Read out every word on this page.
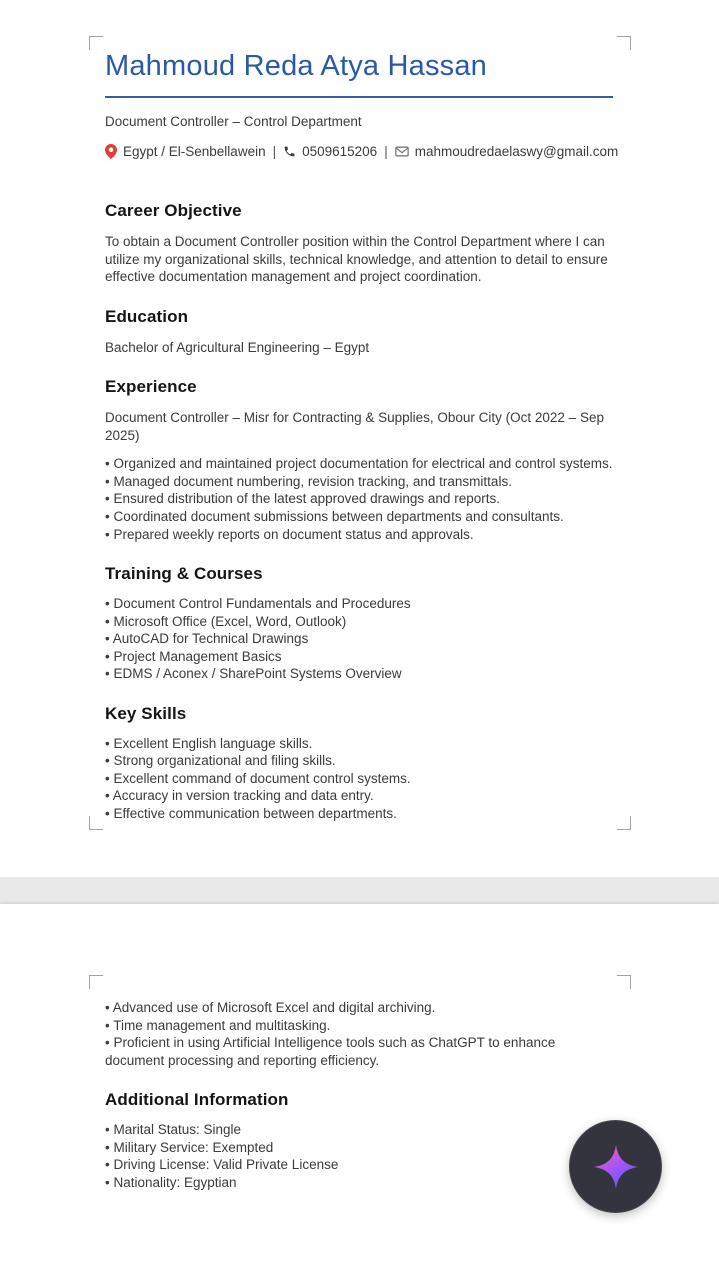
Mahmoud Reda Atya Hassan

Document Controller – Control Department

Egypt / El-Senbellawein | 0509615206 | mahmoudredaelaswy@gmail.com
Career Objective

To obtain a Document Controller position within the Control Department where I can utilize my organizational skills, technical knowledge, and attention to detail to ensure effective documentation management and project coordination.

Education

Bachelor of Agricultural Engineering – Egypt

Experience

Document Controller – Misr for Contracting & Supplies, Obour City (Oct 2022 – Sep 2025)

• Organized and maintained project documentation for electrical and control systems.

• Managed document numbering, revision tracking, and transmittals.

• Ensured distribution of the latest approved drawings and reports.

• Coordinated document submissions between departments and consultants.

• Prepared weekly reports on document status and approvals.

Training & Courses

• Document Control Fundamentals and Procedures

• Microsoft Office (Excel, Word, Outlook)

• AutoCAD for Technical Drawings

• Project Management Basics

• EDMS / Aconex / SharePoint Systems Overview

Key Skills

• Excellent English language skills.

• Strong organizational and filing skills.

• Excellent command of document control systems.

• Accuracy in version tracking and data entry.

• Effective communication between departments.

• Advanced use of Microsoft Excel and digital archiving.

• Time management and multitasking.

• Proficient in using Artificial Intelligence tools such as ChatGPT to enhance document processing and reporting efficiency.

Additional Information

• Marital Status: Single

• Military Service: Exempted

• Driving License: Valid Private License

• Nationality: Egyptian
